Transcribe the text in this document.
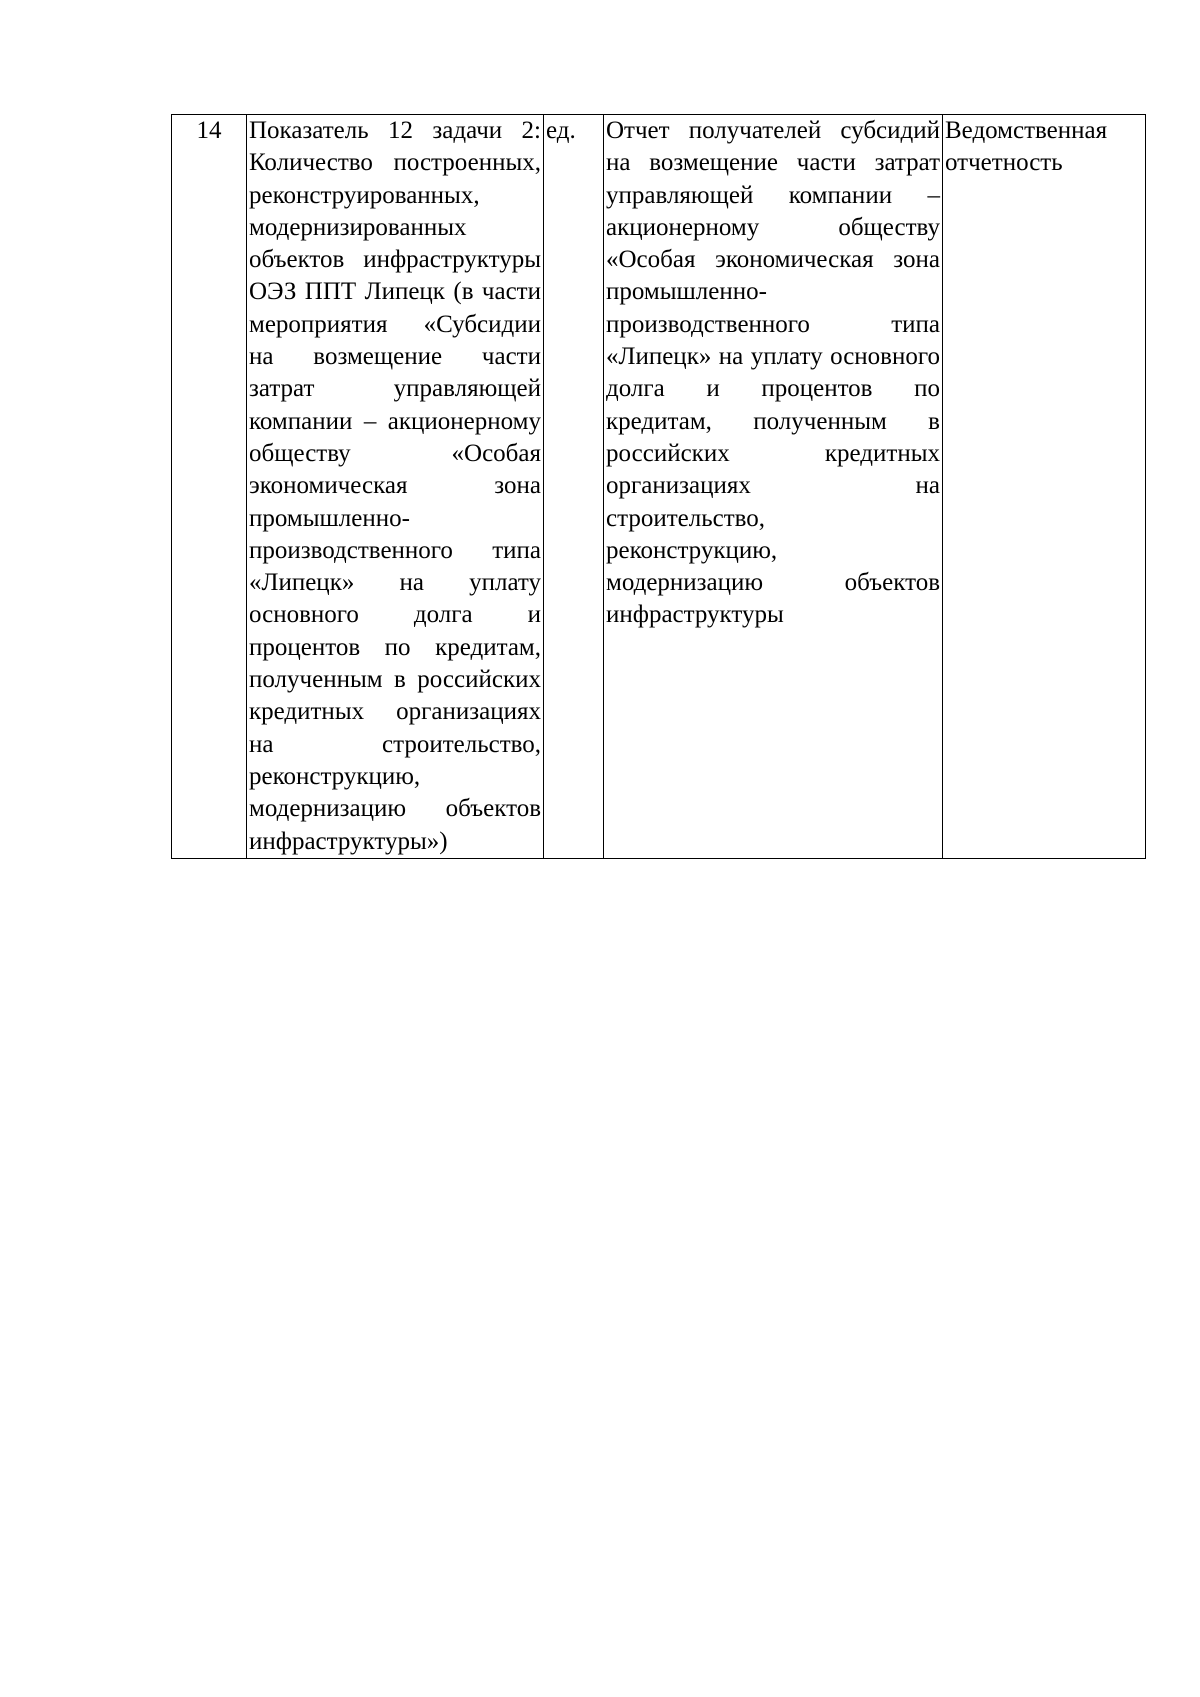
14	Показатель 12 задачи 2: Количество построенных, реконструированных, модернизированных объектов инфраструктуры ОЭЗ ППТ Липецк (в части мероприятия «Субсидии на возмещение части затрат управляющей компании – акционерному обществу «Особая экономическая зона промышленно-производственного типа «Липецк» на уплату основного долга и процентов по кредитам, полученным в российских кредитных организациях на строительство, реконструкцию, модернизацию объектов инфраструктуры»)	ед.	Отчет получателей субсидий на возмещение части затрат управляющей компании – акционерному обществу «Особая экономическая зона промышленно-производственного типа «Липецк» на уплату основного долга и процентов по кредитам, полученным в российских кредитных организациях на строительство, реконструкцию, модернизацию объектов инфраструктуры	Ведомственная отчетность
